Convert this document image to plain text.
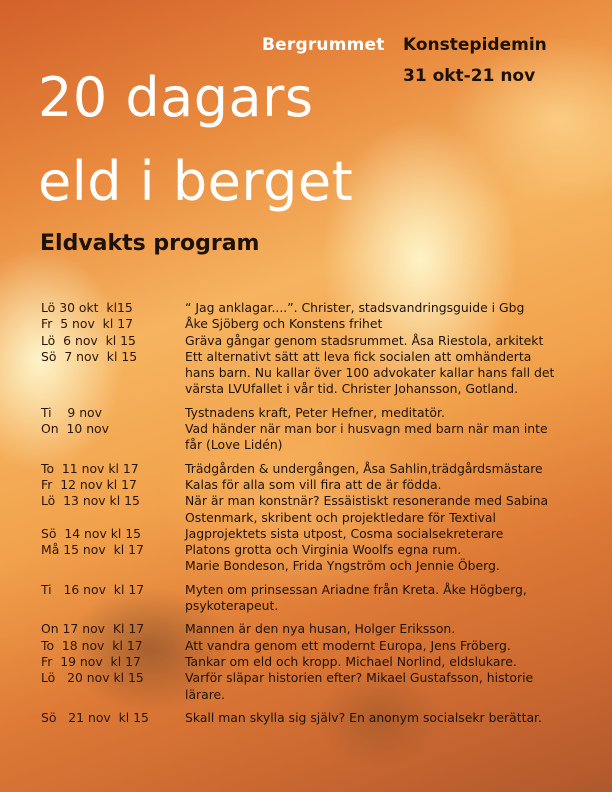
Bergrummet Konstepidemin
31 okt-21 nov
20 dagars
eld i berget
Eldvakts program
Lö 30 okt  kl15	“ Jag anklagar....”. Christer, stadsvandringsguide i Gbg
Fr  5 nov  kl 17	Åke Sjöberg och Konstens frihet
Lö  6 nov  kl 15	Gräva gångar genom stadsrummet. Åsa Riestola, arkitekt
Sö  7 nov  kl 15	Ett alternativt sätt att leva fick socialen att omhänderta
hans barn. Nu kallar över 100 advokater kallar hans fall det
värsta LVUfallet i vår tid. Christer Johansson, Gotland.
Ti    9 nov	Tystnadens kraft, Peter Hefner, meditatör.
On  10 nov	Vad händer när man bor i husvagn med barn när man inte
får (Love Lidén)
To  11 nov kl 17	Trädgården & undergången, Åsa Sahlin,trädgårdsmästare
Fr  12 nov kl 17	Kalas för alla som vill fira att de är födda.
Lö  13 nov kl 15	När är man konstnär? Essäistiskt resonerande med Sabina
Ostenmark, skribent och projektledare för Textival
Sö  14 nov kl 15	Jagprojektets sista utpost, Cosma socialsekreterare
Må 15 nov  kl 17	Platons grotta och Virginia Woolfs egna rum.
Marie Bondeson, Frida Yngström och Jennie Öberg.
Ti   16 nov  kl 17	Myten om prinsessan Ariadne från Kreta. Åke Högberg,
psykoterapeut.
On 17 nov  Kl 17	Mannen är den nya husan, Holger Eriksson.
To  18 nov  kl 17	Att vandra genom ett modernt Europa, Jens Fröberg.
Fr  19 nov  kl 17	Tankar om eld och kropp. Michael Norlind, eldslukare.
Lö   20 nov kl 15	Varför släpar historien efter? Mikael Gustafsson, historie
lärare.
Sö   21 nov  kl 15	Skall man skylla sig själv? En anonym socialsekr berättar.
